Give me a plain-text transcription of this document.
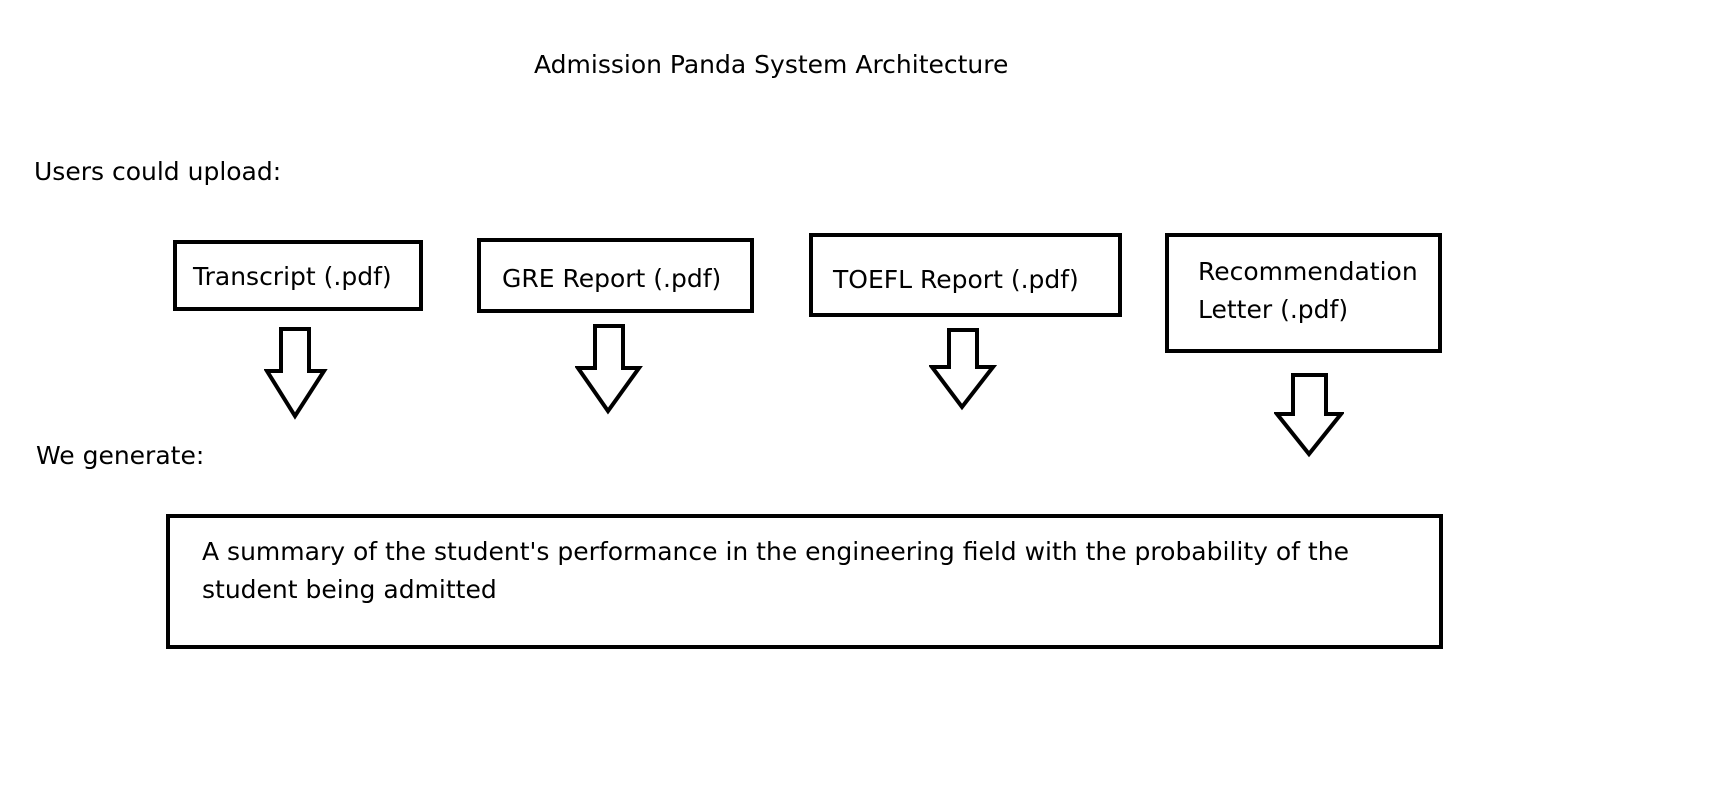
Admission Panda System Architecture
Users could upload:
Transcript (.pdf)	GRE Report (.pdf)	TOEFL Report (.pdf)	Recommendation
Letter (.pdf)
We generate:
A summary of the student's performance in the engineering field with the probability of the
student being admitted
